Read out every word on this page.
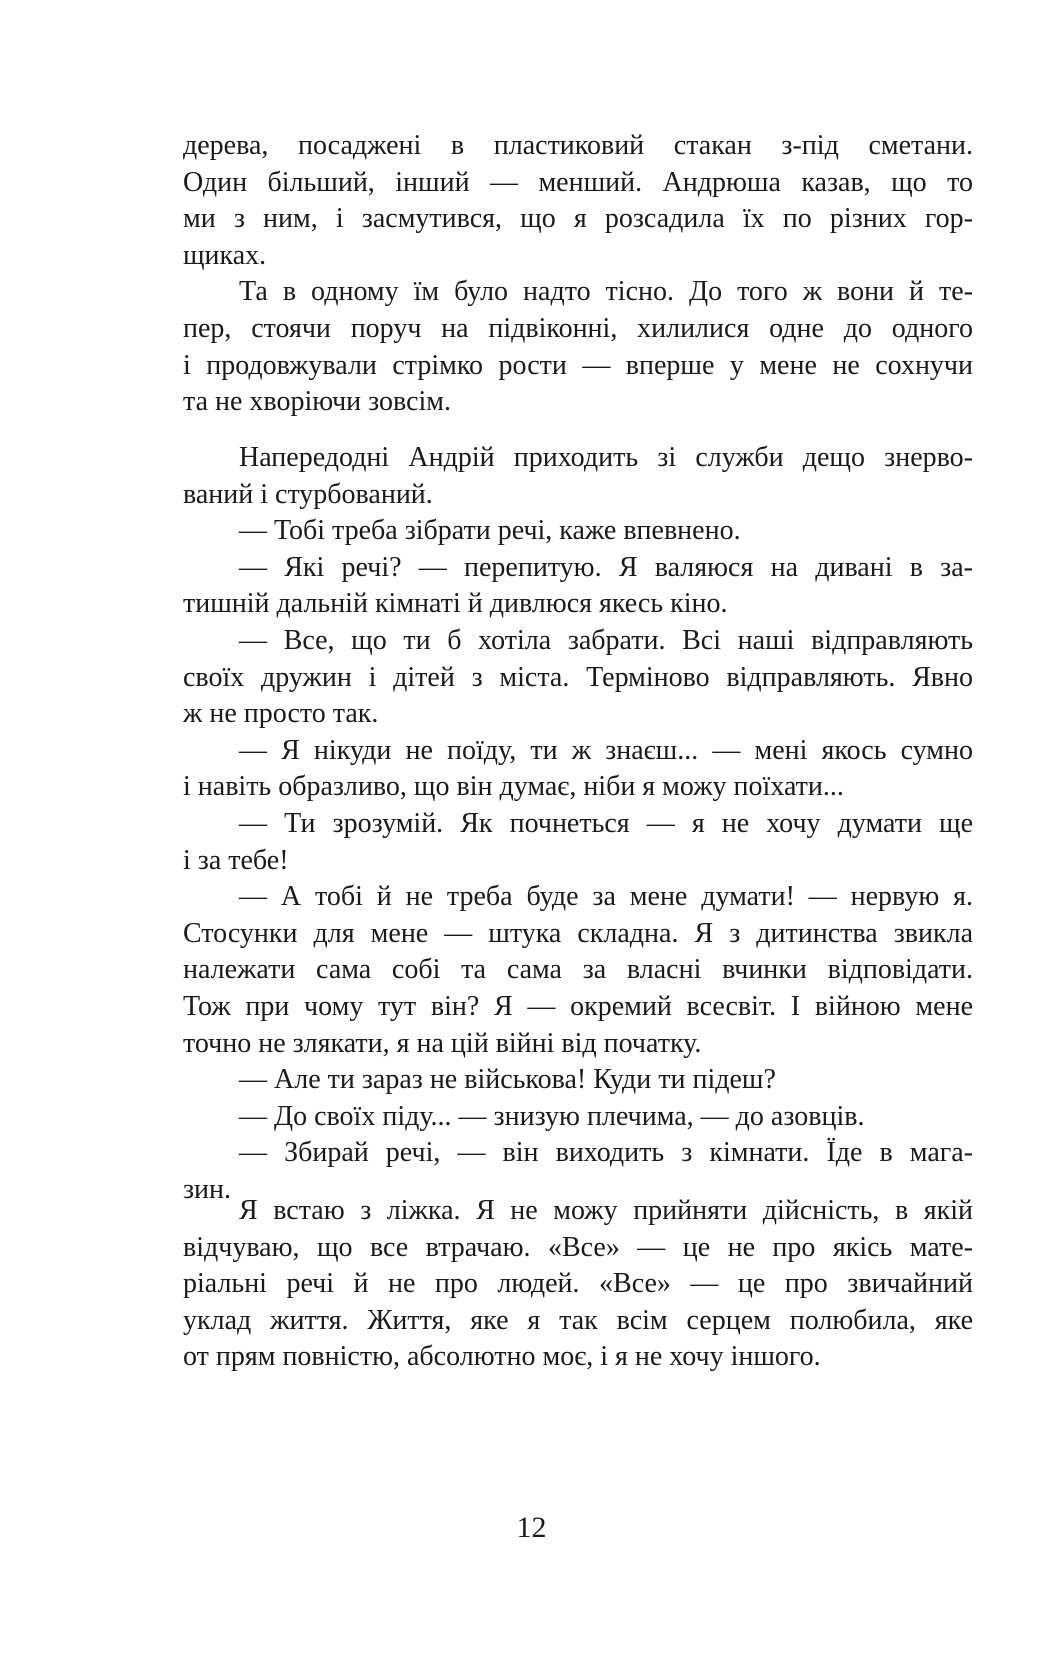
дерева, посаджені в пластиковий стакан з-під сметани.
Один більший, інший — менший. Андрюша казав, що то
ми з ним, і засмутився, що я розсадила їх по різних гор-
щиках.
Та в одному їм було надто тісно. До того ж вони й те-
пер, стоячи поруч на підвіконні, хилилися одне до одного
і продовжували стрімко рости — вперше у мене не сохнучи
та не хворіючи зовсім.
Напередодні Андрій приходить зі служби дещо знерво-
ваний і стурбований.
— Тобі треба зібрати речі, каже впевнено.
— Які речі? — перепитую. Я валяюся на дивані в за-
тишній дальній кімнаті й дивлюся якесь кіно.
— Все, що ти б хотіла забрати. Всі наші відправляють
своїх дружин і дітей з міста. Терміново відправляють. Явно
ж не просто так.
— Я нікуди не поїду, ти ж знаєш... — мені якось сумно
і навіть образливо, що він думає, ніби я можу поїхати...
— Ти зрозумій. Як почнеться — я не хочу думати ще
і за тебе!
— А тобі й не треба буде за мене думати! — нервую я.
Стосунки для мене — штука складна. Я з дитинства звикла
належати сама собі та сама за власні вчинки відповідати.
Тож при чому тут він? Я — окремий всесвіт. І війною мене
точно не злякати, я на цій війні від початку.
— Але ти зараз не військова! Куди ти підеш?
— До своїх піду... — знизую плечима, — до азовців.
— Збирай речі, — він виходить з кімнати. Їде в мага-
зин.
Я встаю з ліжка. Я не можу прийняти дійсність, в якій
відчуваю, що все втрачаю. «Все» — це не про якісь мате-
ріальні речі й не про людей. «Все» — це про звичайний
уклад життя. Життя, яке я так всім серцем полюбила, яке
от прям повністю, абсолютно моє, і я не хочу іншого.
12
